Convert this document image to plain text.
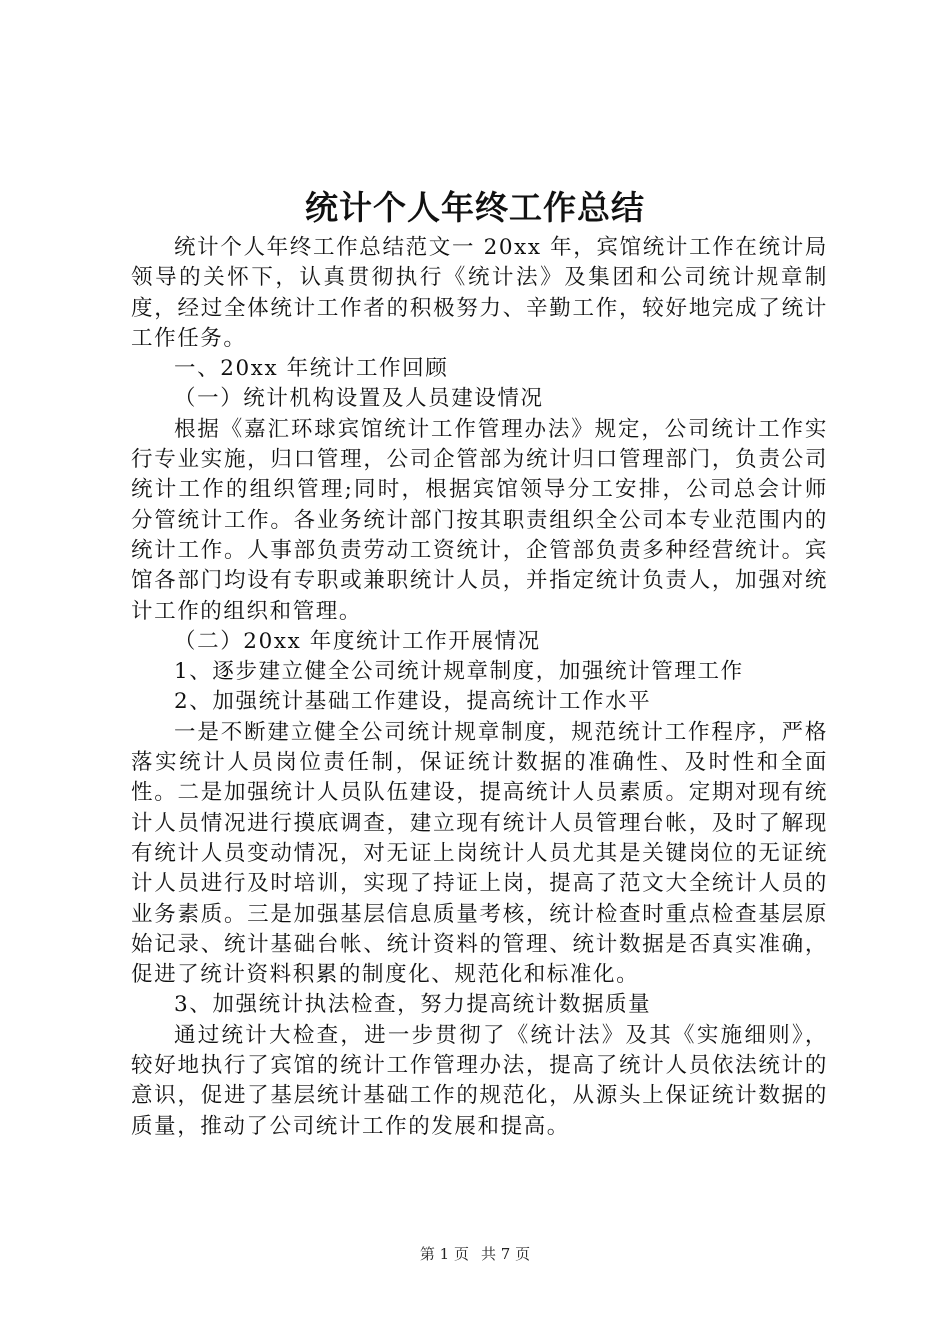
统计个人年终工作总结

统计个人年终工作总结范文一 20xx 年，宾馆统计工作在统计局领导的关怀下，认真贯彻执行《统计法》及集团和公司统计规章制度，经过全体统计工作者的积极努力、辛勤工作，较好地完成了统计工作任务。

一、20xx 年统计工作回顾

（一）统计机构设置及人员建设情况

根据《嘉汇环球宾馆统计工作管理办法》规定，公司统计工作实行专业实施，归口管理，公司企管部为统计归口管理部门，负责公司统计工作的组织管理;同时，根据宾馆领导分工安排，公司总会计师分管统计工作。各业务统计部门按其职责组织全公司本专业范围内的统计工作。人事部负责劳动工资统计，企管部负责多种经营统计。宾馆各部门均设有专职或兼职统计人员，并指定统计负责人，加强对统计工作的组织和管理。

（二）20xx 年度统计工作开展情况

1、逐步建立健全公司统计规章制度，加强统计管理工作

2、加强统计基础工作建设，提高统计工作水平

一是不断建立健全公司统计规章制度，规范统计工作程序，严格落实统计人员岗位责任制，保证统计数据的准确性、及时性和全面性。二是加强统计人员队伍建设，提高统计人员素质。定期对现有统计人员情况进行摸底调查，建立现有统计人员管理台帐，及时了解现有统计人员变动情况，对无证上岗统计人员尤其是关键岗位的无证统计人员进行及时培训，实现了持证上岗，提高了范文大全统计人员的业务素质。三是加强基层信息质量考核，统计检查时重点检查基层原始记录、统计基础台帐、统计资料的管理、统计数据是否真实准确，促进了统计资料积累的制度化、规范化和标准化。

3、加强统计执法检查，努力提高统计数据质量

通过统计大检查，进一步贯彻了《统计法》及其《实施细则》，较好地执行了宾馆的统计工作管理办法，提高了统计人员依法统计的意识，促进了基层统计基础工作的规范化，从源头上保证统计数据的质量，推动了公司统计工作的发展和提高。

第 1 页 共 7 页
